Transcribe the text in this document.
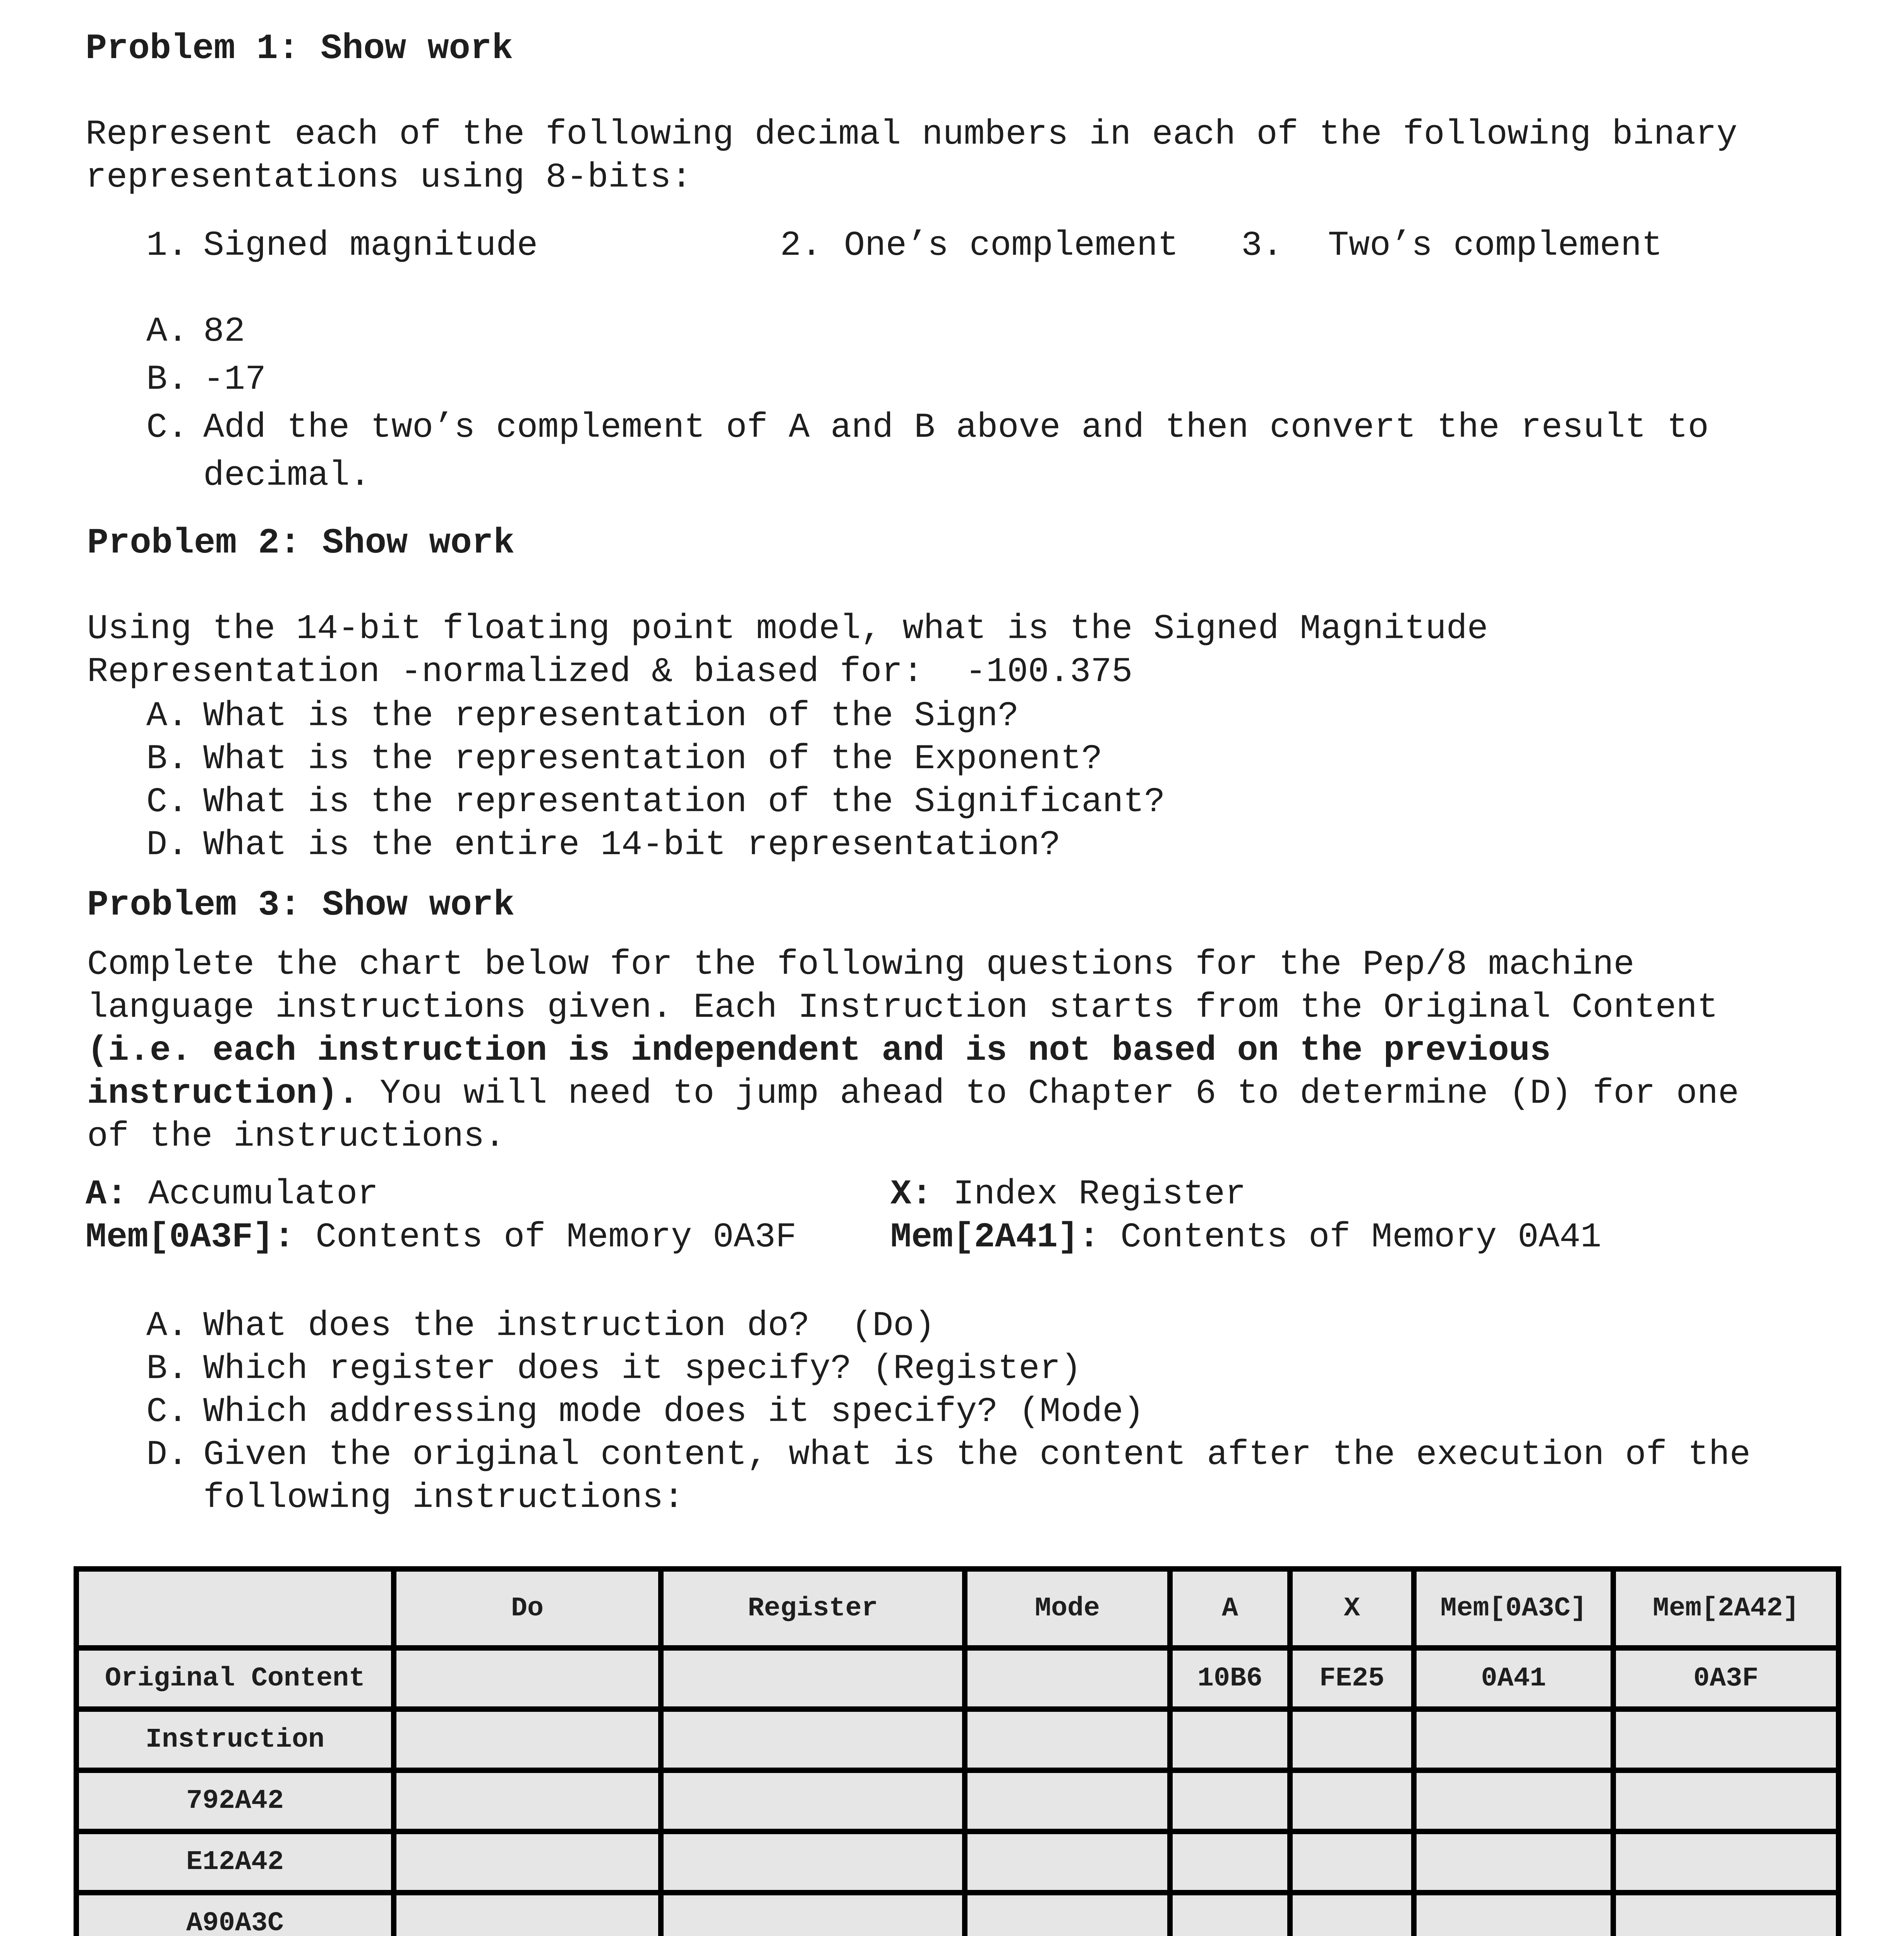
Problem 1: Show work

Represent each of the following decimal numbers in each of the following binary

representations using 8-bits:

1. Signed magnitude	2. One’s complement 3. Two’s complement

A. 82

B. -17

C. Add the two’s complement of A and B above and then convert the result to

decimal.

Problem 2: Show work

Using the 14-bit floating point model, what is the Signed Magnitude

Representation -normalized & biased for:  -100.375

A. What is the representation of the Sign?

B. What is the representation of the Exponent?

C. What is the representation of the Significant?

D. What is the entire 14-bit representation?

Problem 3: Show work

Complete the chart below for the following questions for the Pep/8 machine

language instructions given. Each Instruction starts from the Original Content

(i.e. each instruction is independent and is not based on the previous

instruction). You will need to jump ahead to Chapter 6 to determine (D) for one

of the instructions.

A: Accumulator	X: Index Register

Mem[0A3F]: Contents of Memory 0A3F	Mem[2A41]: Contents of Memory 0A41

A. What does the instruction do?  (Do)

B. Which register does it specify? (Register)

C. Which addressing mode does it specify? (Mode)

D. Given the original content, what is the content after the execution of the

following instructions:

	Do	Register	Mode	A	X	Mem[0A3C]	Mem[2A42]
Original Content				10B6	FE25	0A41	0A3F
Instruction							
792A42							
E12A42							
A90A3C							
